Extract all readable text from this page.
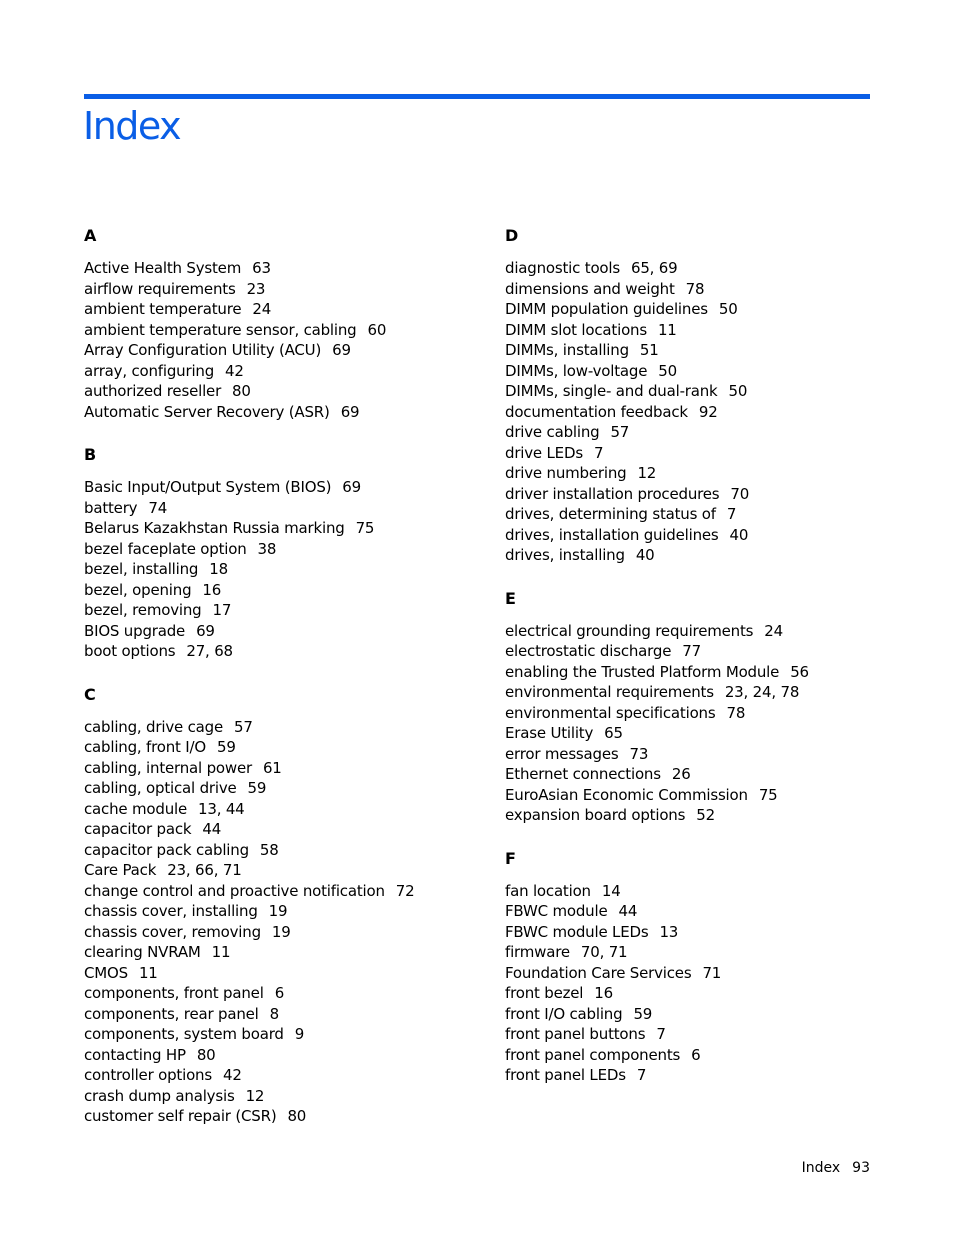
Index
A
Active Health System 63
airflow requirements 23
ambient temperature 24
ambient temperature sensor, cabling 60
Array Configuration Utility (ACU) 69
array, configuring 42
authorized reseller 80
Automatic Server Recovery (ASR) 69
B
Basic Input/Output System (BIOS) 69
battery 74
Belarus Kazakhstan Russia marking 75
bezel faceplate option 38
bezel, installing 18
bezel, opening 16
bezel, removing 17
BIOS upgrade 69
boot options 27, 68
C
cabling, drive cage 57
cabling, front I/O 59
cabling, internal power 61
cabling, optical drive 59
cache module 13, 44
capacitor pack 44
capacitor pack cabling 58
Care Pack 23, 66, 71
change control and proactive notification 72
chassis cover, installing 19
chassis cover, removing 19
clearing NVRAM 11
CMOS 11
components, front panel 6
components, rear panel 8
components, system board 9
contacting HP 80
controller options 42
crash dump analysis 12
customer self repair (CSR) 80
D
diagnostic tools 65, 69
dimensions and weight 78
DIMM population guidelines 50
DIMM slot locations 11
DIMMs, installing 51
DIMMs, low-voltage 50
DIMMs, single- and dual-rank 50
documentation feedback 92
drive cabling 57
drive LEDs 7
drive numbering 12
driver installation procedures 70
drives, determining status of 7
drives, installation guidelines 40
drives, installing 40
E
electrical grounding requirements 24
electrostatic discharge 77
enabling the Trusted Platform Module 56
environmental requirements 23, 24, 78
environmental specifications 78
Erase Utility 65
error messages 73
Ethernet connections 26
EuroAsian Economic Commission 75
expansion board options 52
F
fan location 14
FBWC module 44
FBWC module LEDs 13
firmware 70, 71
Foundation Care Services 71
front bezel 16
front I/O cabling 59
front panel buttons 7
front panel components 6
front panel LEDs 7
Index 93
